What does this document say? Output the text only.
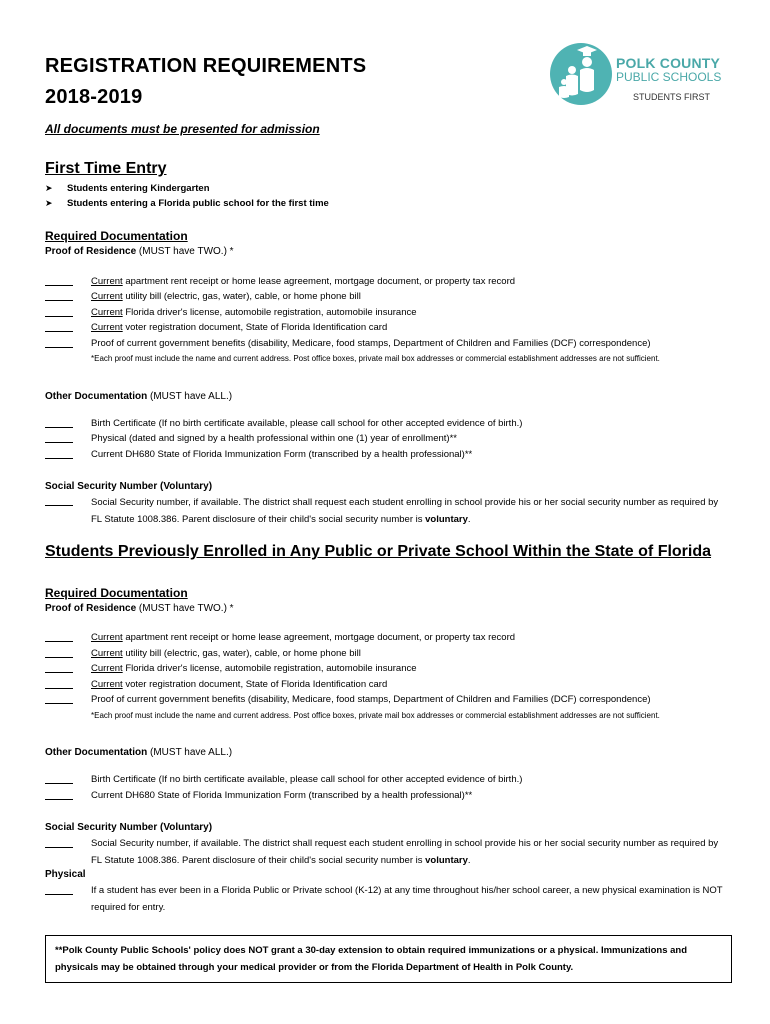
REGISTRATION REQUIREMENTS
2018-2019
All documents must be presented for admission
POLK COUNTY
PUBLIC SCHOOLS
STUDENTS FIRST
First Time Entry
➤ Students entering Kindergarten
➤ Students entering a Florida public school for the first time
Required Documentation
Proof of Residence (MUST have TWO.) *
Current apartment rent receipt or home lease agreement, mortgage document, or property tax record
Current utility bill (electric, gas, water), cable, or home phone bill
Current Florida driver's license, automobile registration, automobile insurance
Current voter registration document, State of Florida Identification card
Proof of current government benefits (disability, Medicare, food stamps, Department of Children and Families (DCF) correspondence)
*Each proof must include the name and current address. Post office boxes, private mail box addresses or commercial establishment addresses are not sufficient.
Other Documentation (MUST have ALL.)
Birth Certificate (If no birth certificate available, please call school for other accepted evidence of birth.)
Physical (dated and signed by a health professional within one (1) year of enrollment)**
Current DH680 State of Florida Immunization Form (transcribed by a health professional)**
Social Security Number (Voluntary)
Social Security number, if available. The district shall request each student enrolling in school provide his or her social security number as required by FL Statute 1008.386. Parent disclosure of their child's social security number is voluntary.
Students Previously Enrolled in Any Public or Private School Within the State of Florida
Required Documentation
Proof of Residence (MUST have TWO.) *
Current apartment rent receipt or home lease agreement, mortgage document, or property tax record
Current utility bill (electric, gas, water), cable, or home phone bill
Current Florida driver's license, automobile registration, automobile insurance
Current voter registration document, State of Florida Identification card
Proof of current government benefits (disability, Medicare, food stamps, Department of Children and Families (DCF) correspondence)
*Each proof must include the name and current address. Post office boxes, private mail box addresses or commercial establishment addresses are not sufficient.
Other Documentation (MUST have ALL.)
Birth Certificate (If no birth certificate available, please call school for other accepted evidence of birth.)
Current DH680 State of Florida Immunization Form (transcribed by a health professional)**
Social Security Number (Voluntary)
Social Security number, if available. The district shall request each student enrolling in school provide his or her social security number as required by FL Statute 1008.386. Parent disclosure of their child's social security number is voluntary.
Physical
If a student has ever been in a Florida Public or Private school (K-12) at any time throughout his/her school career, a new physical examination is NOT required for entry.
**Polk County Public Schools' policy does NOT grant a 30-day extension to obtain required immunizations or a physical. Immunizations and physicals may be obtained through your medical provider or from the Florida Department of Health in Polk County.
